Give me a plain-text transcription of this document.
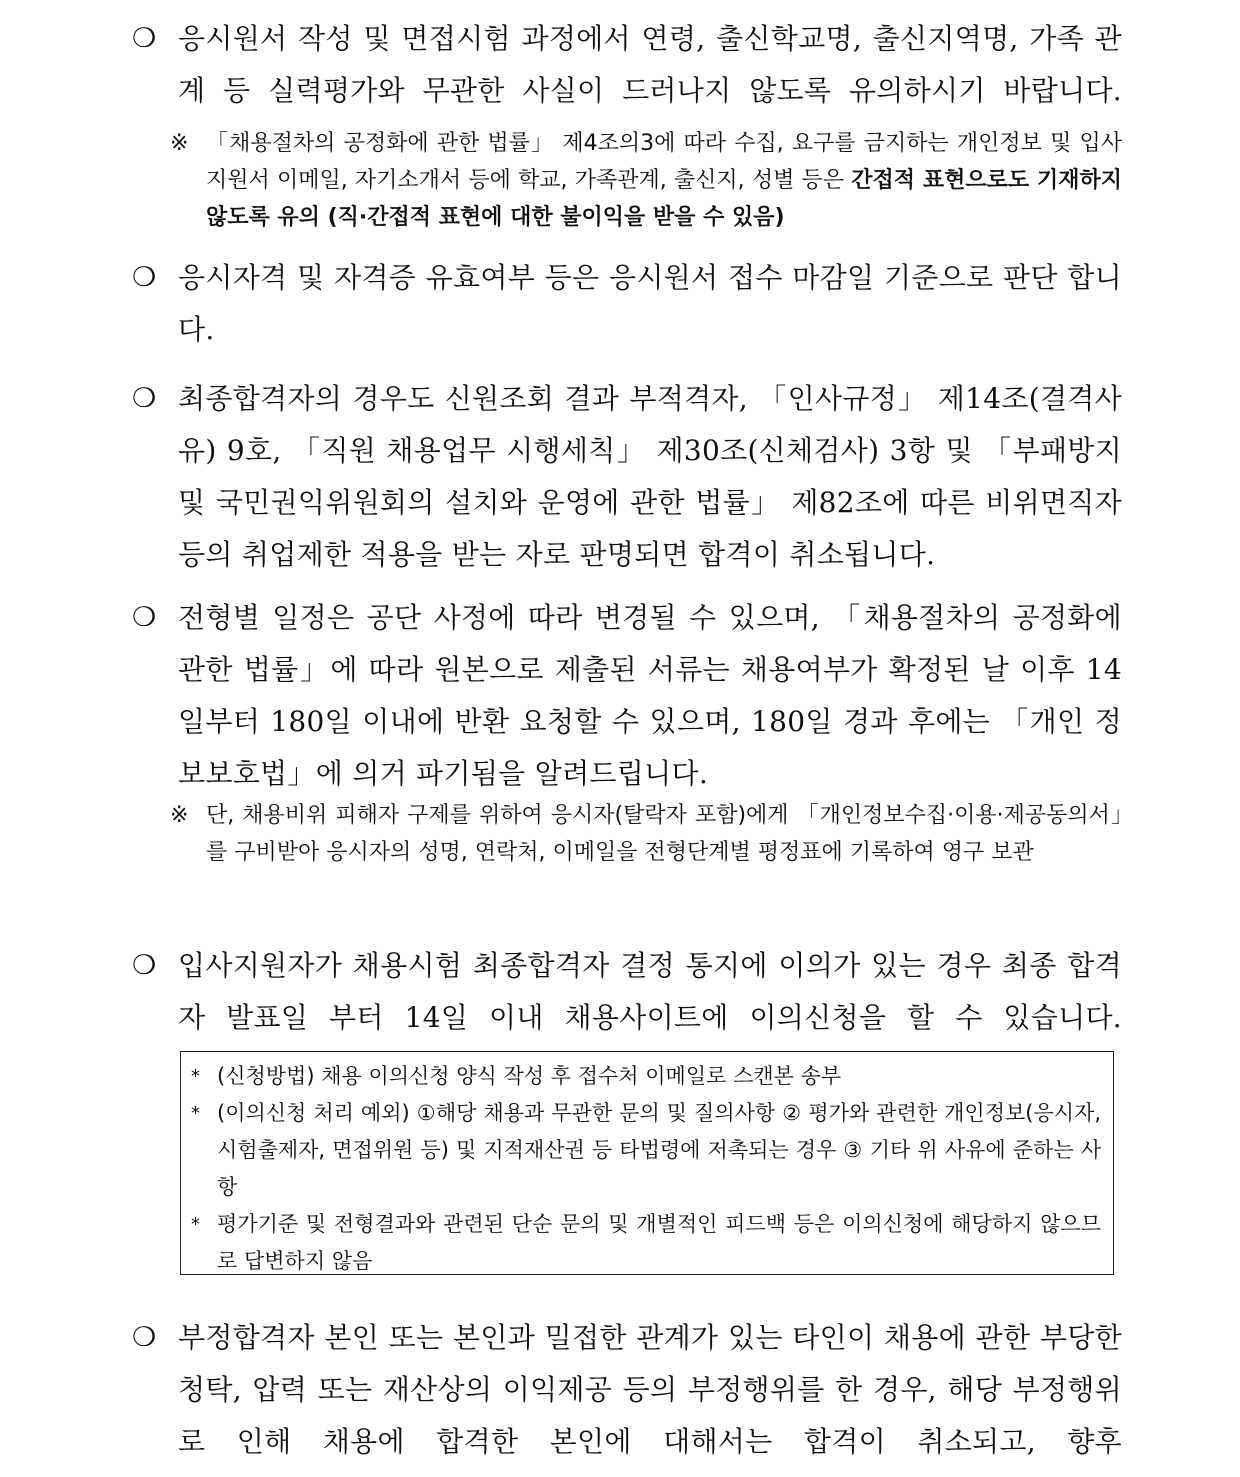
❍ 응시원서 작성 및 면접시험 과정에서 연령, 출신학교명, 출신지역명, 가족 관계 등 실력평가와 무관한 사실이 드러나지 않도록 유의하시기 바랍니다.
※ 「채용절차의 공정화에 관한 법률」 제4조의3에 따라 수집, 요구를 금지하는 개인정보 및 입사지원서 이메일, 자기소개서 등에 학교, 가족관계, 출신지, 성별 등은 간접적 표현으로도 기재하지 않도록 유의 (직·간접적 표현에 대한 불이익을 받을 수 있음)
❍ 응시자격 및 자격증 유효여부 등은 응시원서 접수 마감일 기준으로 판단 합니다.
❍ 최종합격자의 경우도 신원조회 결과 부적격자, 「인사규정」 제14조(결격사유) 9호, 「직원 채용업무 시행세칙」 제30조(신체검사) 3항 및 「부패방지 및 국민권익위원회의 설치와 운영에 관한 법률」 제82조에 따른 비위면직자 등의 취업제한 적용을 받는 자로 판명되면 합격이 취소됩니다.
❍ 전형별 일정은 공단 사정에 따라 변경될 수 있으며, 「채용절차의 공정화에 관한 법률」에 따라 원본으로 제출된 서류는 채용여부가 확정된 날 이후 14일부터 180일 이내에 반환 요청할 수 있으며, 180일 경과 후에는 「개인 정보보호법」에 의거 파기됨을 알려드립니다.
※ 단, 채용비위 피해자 구제를 위하여 응시자(탈락자 포함)에게 「개인정보수집·이용·제공동의서」를 구비받아 응시자의 성명, 연락처, 이메일을 전형단계별 평정표에 기록하여 영구 보관
❍ 입사지원자가 채용시험 최종합격자 결정 통지에 이의가 있는 경우 최종 합격자 발표일 부터 14일 이내 채용사이트에 이의신청을 할 수 있습니다.
* (신청방법) 채용 이의신청 양식 작성 후 접수처 이메일로 스캔본 송부
* (이의신청 처리 예외) ①해당 채용과 무관한 문의 및 질의사항 ② 평가와 관련한 개인정보(응시자, 시험출제자, 면접위원 등) 및 지적재산권 등 타법령에 저촉되는 경우 ③ 기타 위 사유에 준하는 사항
* 평가기준 및 전형결과와 관련된 단순 문의 및 개별적인 피드백 등은 이의신청에 해당하지 않으므로 답변하지 않음
❍ 부정합격자 본인 또는 본인과 밀접한 관계가 있는 타인이 채용에 관한 부당한 청탁, 압력 또는 재산상의 이익제공 등의 부정행위를 한 경우, 해당 부정행위로 인해 채용에 합격한 본인에 대해서는 합격이 취소되고, 향후
